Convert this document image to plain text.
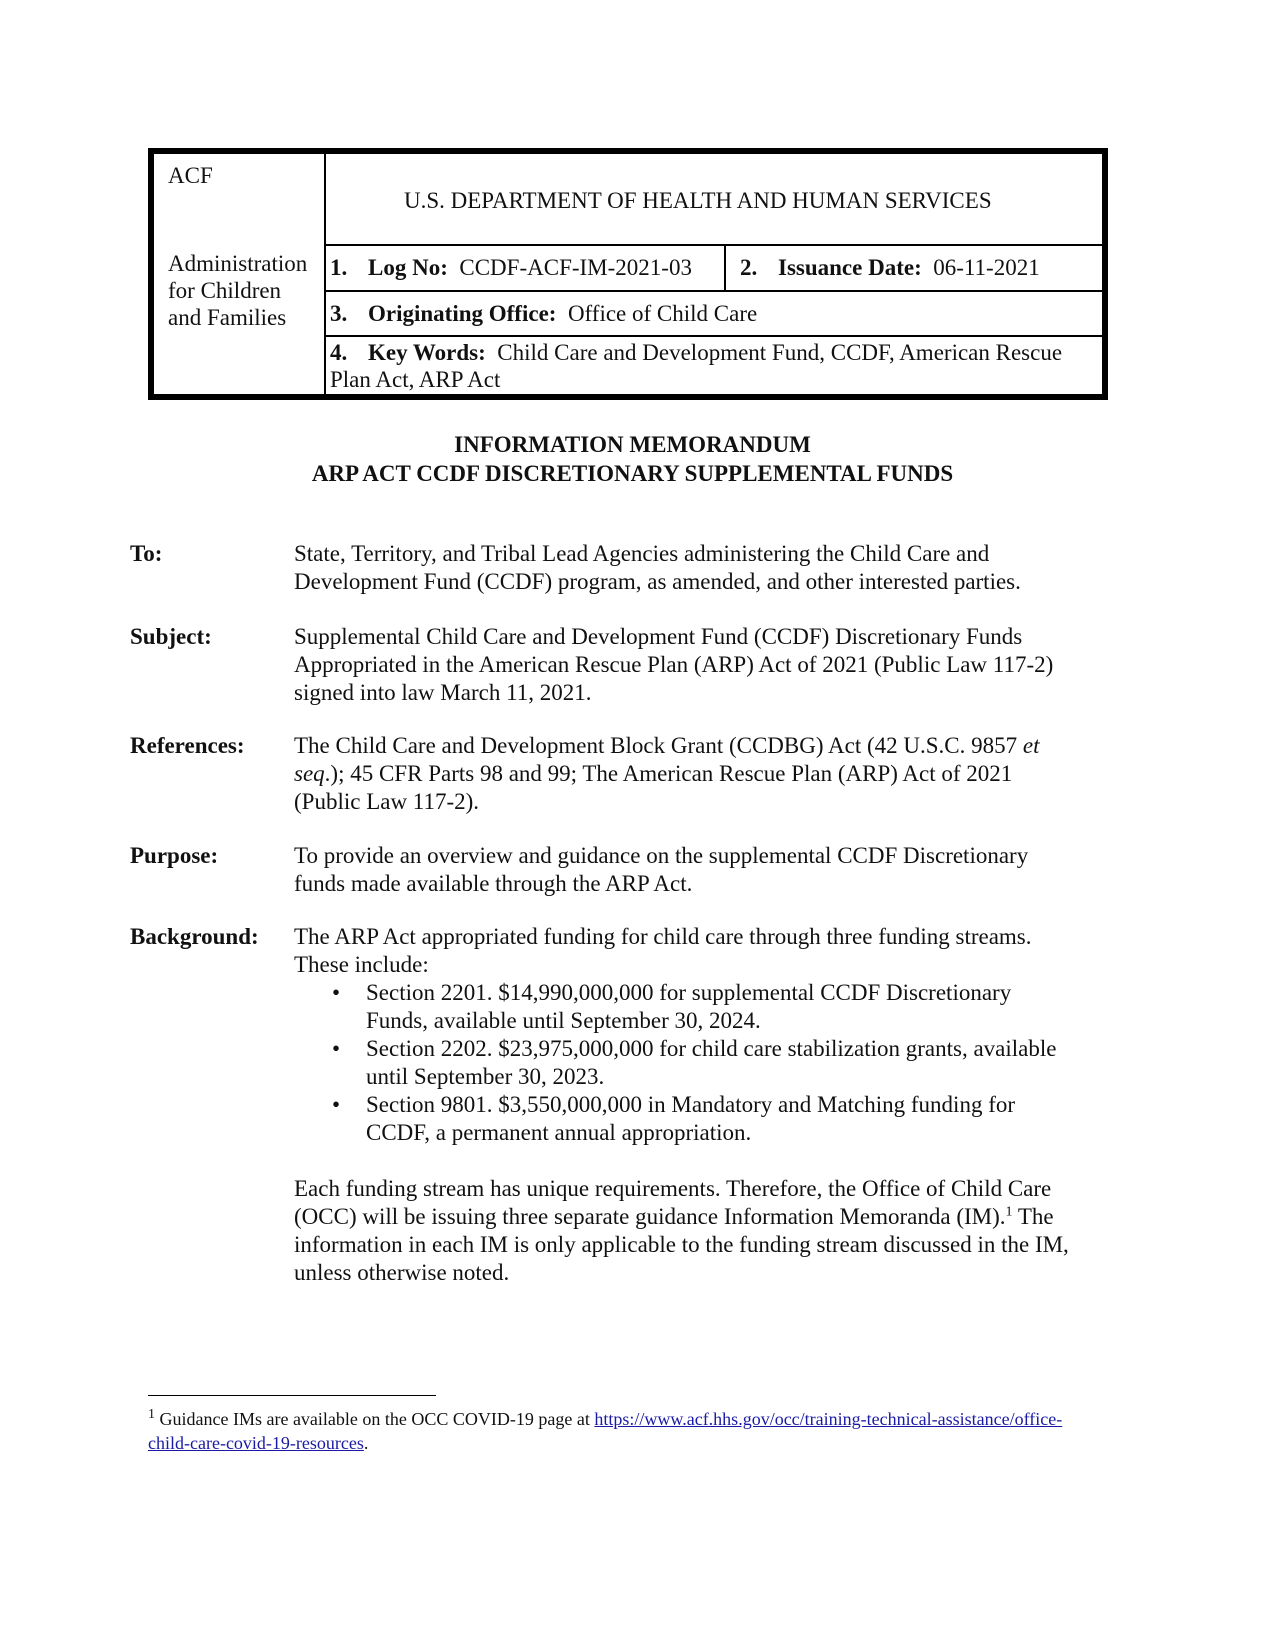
ACF
Administration
for Children
and Families
U.S. DEPARTMENT OF HEALTH AND HUMAN SERVICES
1. Log No: CCDF-ACF-IM-2021-03 2. Issuance Date: 06-11-2021
3. Originating Office: Office of Child Care
4. Key Words: Child Care and Development Fund, CCDF, American Rescue Plan Act, ARP Act
INFORMATION MEMORANDUM
ARP ACT CCDF DISCRETIONARY SUPPLEMENTAL FUNDS
To:	State, Territory, and Tribal Lead Agencies administering the Child Care and Development Fund (CCDF) program, as amended, and other interested parties.
Subject:	Supplemental Child Care and Development Fund (CCDF) Discretionary Funds Appropriated in the American Rescue Plan (ARP) Act of 2021 (Public Law 117-2) signed into law March 11, 2021.
References: The Child Care and Development Block Grant (CCDBG) Act (42 U.S.C. 9857 et seq.); 45 CFR Parts 98 and 99; The American Rescue Plan (ARP) Act of 2021 (Public Law 117-2).
Purpose:	To provide an overview and guidance on the supplemental CCDF Discretionary funds made available through the ARP Act.
Background: The ARP Act appropriated funding for child care through three funding streams. These include:

• Section 2201. $14,990,000,000 for supplemental CCDF Discretionary Funds, available until September 30, 2024.
• Section 2202. $23,975,000,000 for child care stabilization grants, available until September 30, 2023.
• Section 9801. $3,550,000,000 in Mandatory and Matching funding for CCDF, a permanent annual appropriation.

Each funding stream has unique requirements. Therefore, the Office of Child Care (OCC) will be issuing three separate guidance Information Memoranda (IM).$^1$ The information in each IM is only applicable to the funding stream discussed in the IM, unless otherwise noted.

$^1$ Guidance IMs are available on the OCC COVID-19 page at https://www.acf.hhs.gov/occ/training-technical-assistance/office-child-care-covid-19-resources.
